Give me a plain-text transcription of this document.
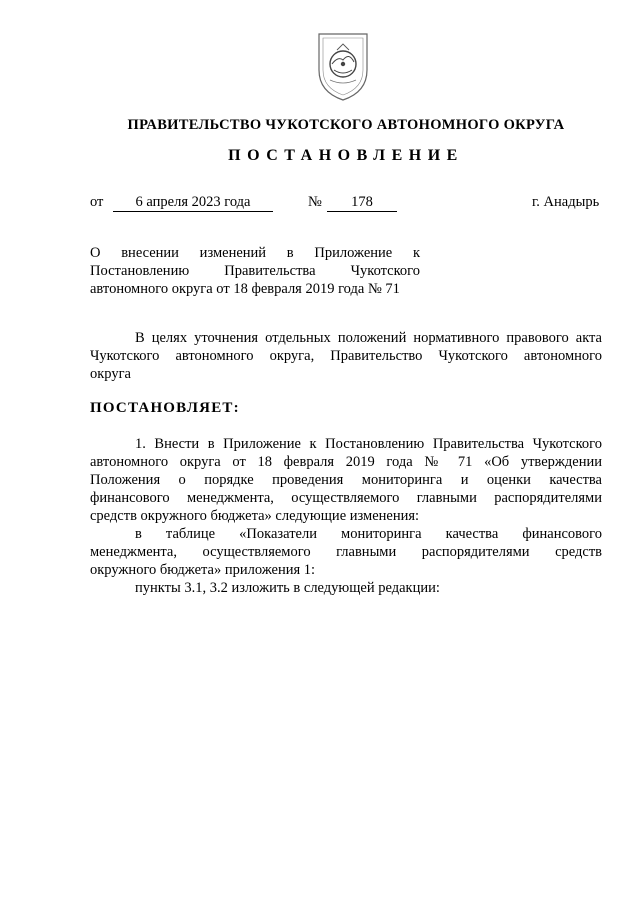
ПРАВИТЕЛЬСТВО ЧУКОТСКОГО АВТОНОМНОГО ОКРУГА
ПОСТАНОВЛЕНИЕ
от	6 апреля 2023 года	№	178	г. Анадырь
О внесении изменений в Приложение к
Постановлению Правительства Чукотского
автономного округа от 18 февраля 2019 года № 71
В целях уточнения отдельных положений нормативного правового акта
Чукотского автономного округа, Правительство Чукотского автономного
округа
ПОСТАНОВЛЯЕТ:
1. Внести в Приложение к Постановлению Правительства Чукотского
автономного округа от 18 февраля 2019 года № 71 «Об утверждении
Положения о порядке проведения мониторинга и оценки качества
финансового менеджмента, осуществляемого главными распорядителями
средств окружного бюджета» следующие изменения:
в таблице «Показатели мониторинга качества финансового
менеджмента, осуществляемого главными распорядителями средств
окружного бюджета» приложения 1:
пункты 3.1, 3.2 изложить в следующей редакции:
